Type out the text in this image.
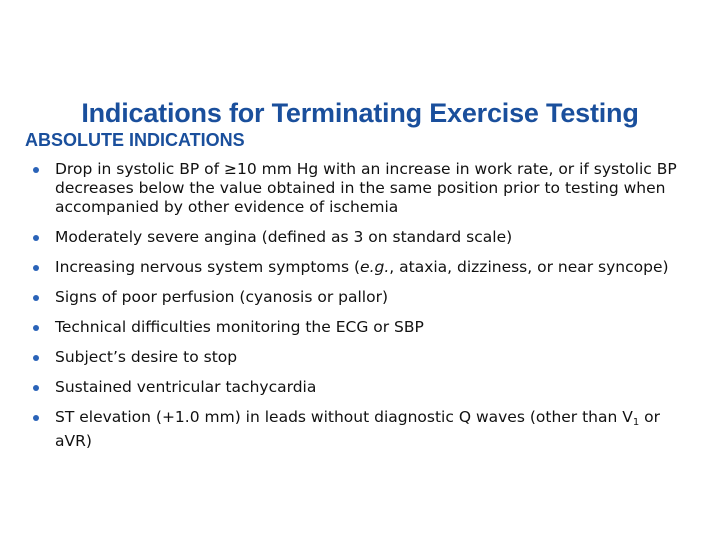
Indications for Terminating Exercise Testing
ABSOLUTE INDICATIONS
Drop in systolic BP of ≥10 mm Hg with an increase in work rate, or if systolic BP decreases below the value obtained in the same position prior to testing when accompanied by other evidence of ischemia
Moderately severe angina (defined as 3 on standard scale)
Increasing nervous system symptoms (e.g., ataxia, dizziness, or near syncope)
Signs of poor perfusion (cyanosis or pallor)
Technical difficulties monitoring the ECG or SBP
Subject’s desire to stop
Sustained ventricular tachycardia
ST elevation (+1.0 mm) in leads without diagnostic Q waves (other than V1 or aVR)
